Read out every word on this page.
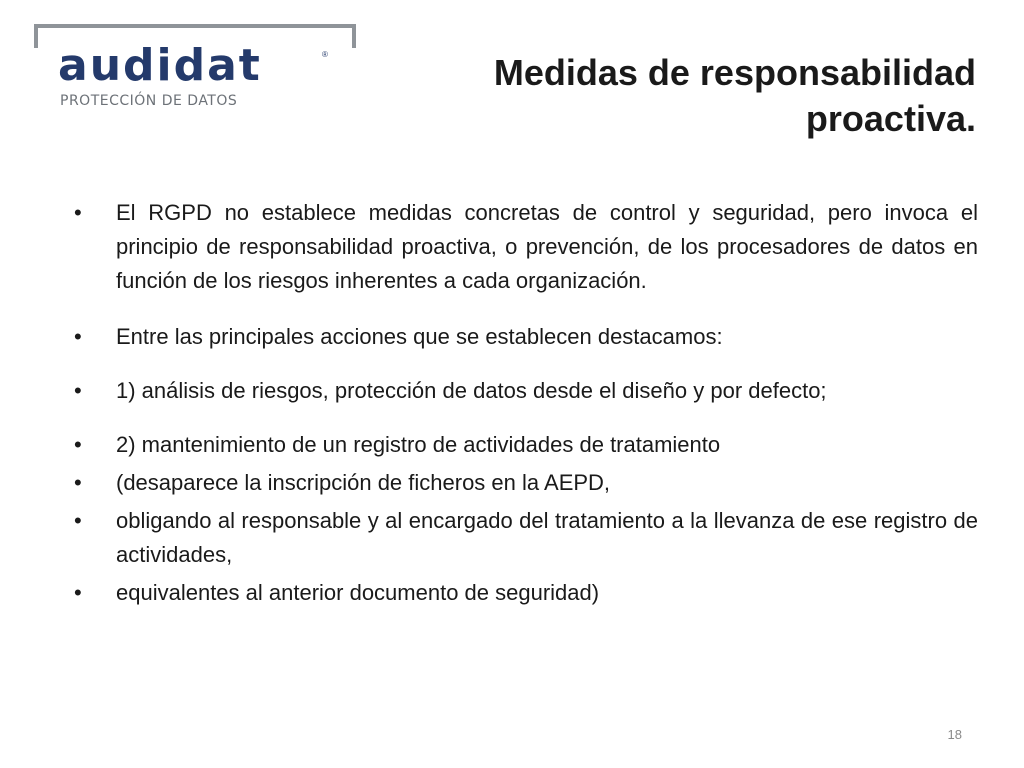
audidat	®
PROTECCIÓN DE DATOS
Medidas de responsabilidad proactiva.
•	El RGPD no establece medidas concretas de control y seguridad, pero invoca el principio de responsabilidad proactiva, o prevención, de los procesadores de datos en función de los riesgos inherentes a cada organización.
•	Entre las principales acciones que se establecen destacamos:
•	1) análisis de riesgos, protección de datos desde el diseño y por defecto;
•	2) mantenimiento de un registro de actividades de tratamiento
•	(desaparece la inscripción de ficheros en la AEPD,
•	obligando al responsable y al encargado del tratamiento a la llevanza de ese registro de actividades,
•	equivalentes al anterior documento de seguridad)
18
